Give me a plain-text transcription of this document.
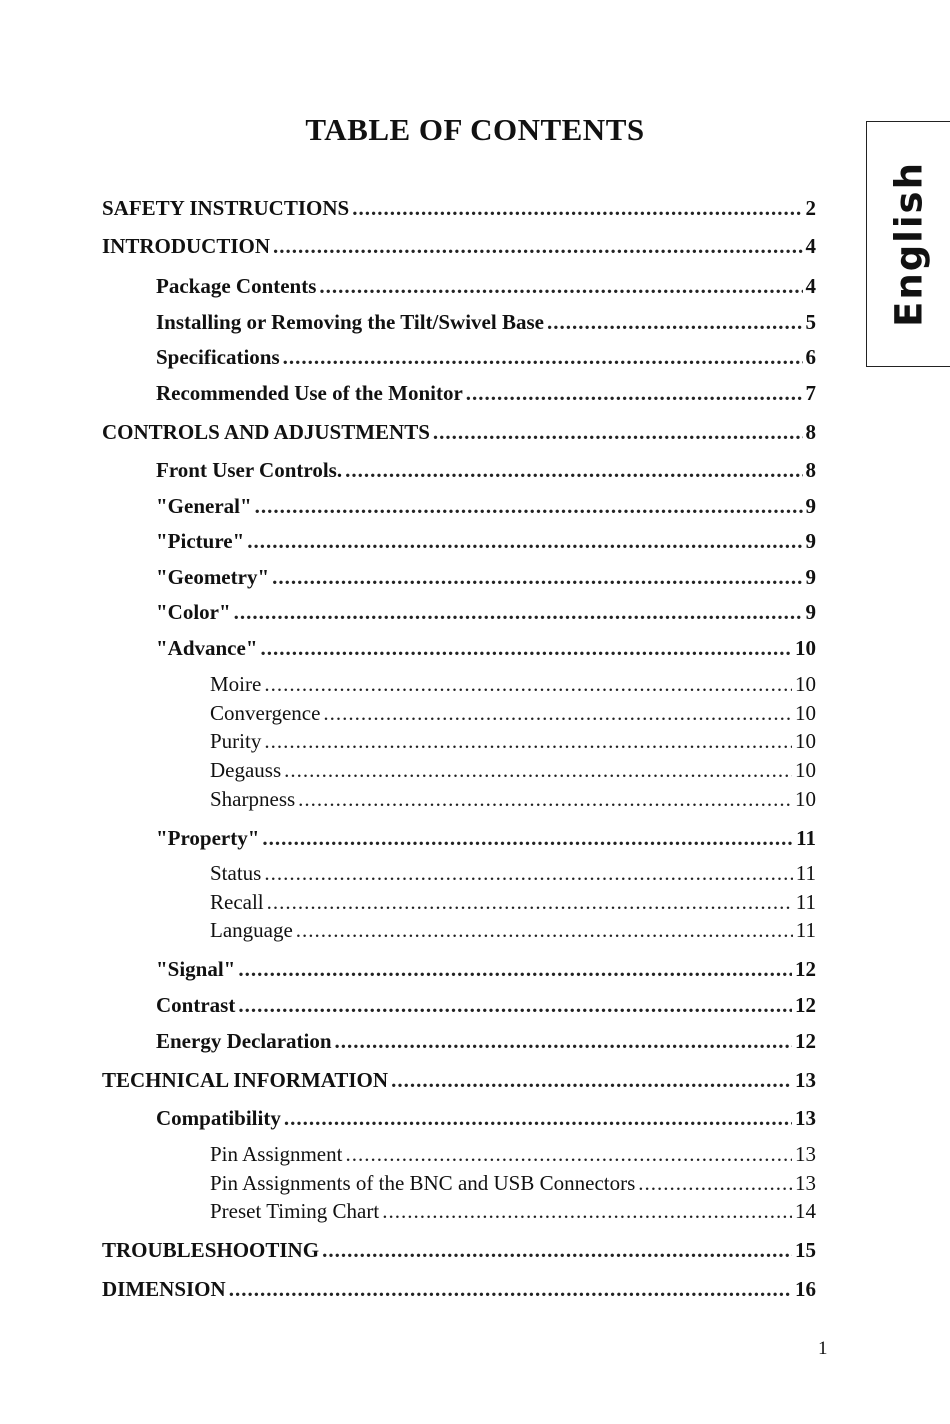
TABLE OF CONTENTS
English
SAFETY INSTRUCTIONS .....	2
INTRODUCTION .....	4
Package Contents .....	4
Installing or Removing the Tilt/Swivel Base .....	5
Specifications .....	6
Recommended Use of the Monitor .....	7
CONTROLS AND ADJUSTMENTS .....	8
Front User Controls. .....	8
"General" .....	9
"Picture" .....	9
"Geometry" .....	9
"Color" .....	9
"Advance" .....	10
Moire .....	10
Convergence .....	10
Purity .....	10
Degauss .....	10
Sharpness .....	10
"Property" .....	11
Status .....	11
Recall .....	11
Language .....	11
"Signal" .....	12
Contrast .....	12
Energy Declaration .....	12
TECHNICAL INFORMATION .....	13
Compatibility .....	13
Pin Assignment .....	13
Pin Assignments of the BNC and USB Connectors .....	13
Preset Timing Chart .....	14
TROUBLESHOOTING .....	15
DIMENSION .....	16
1
